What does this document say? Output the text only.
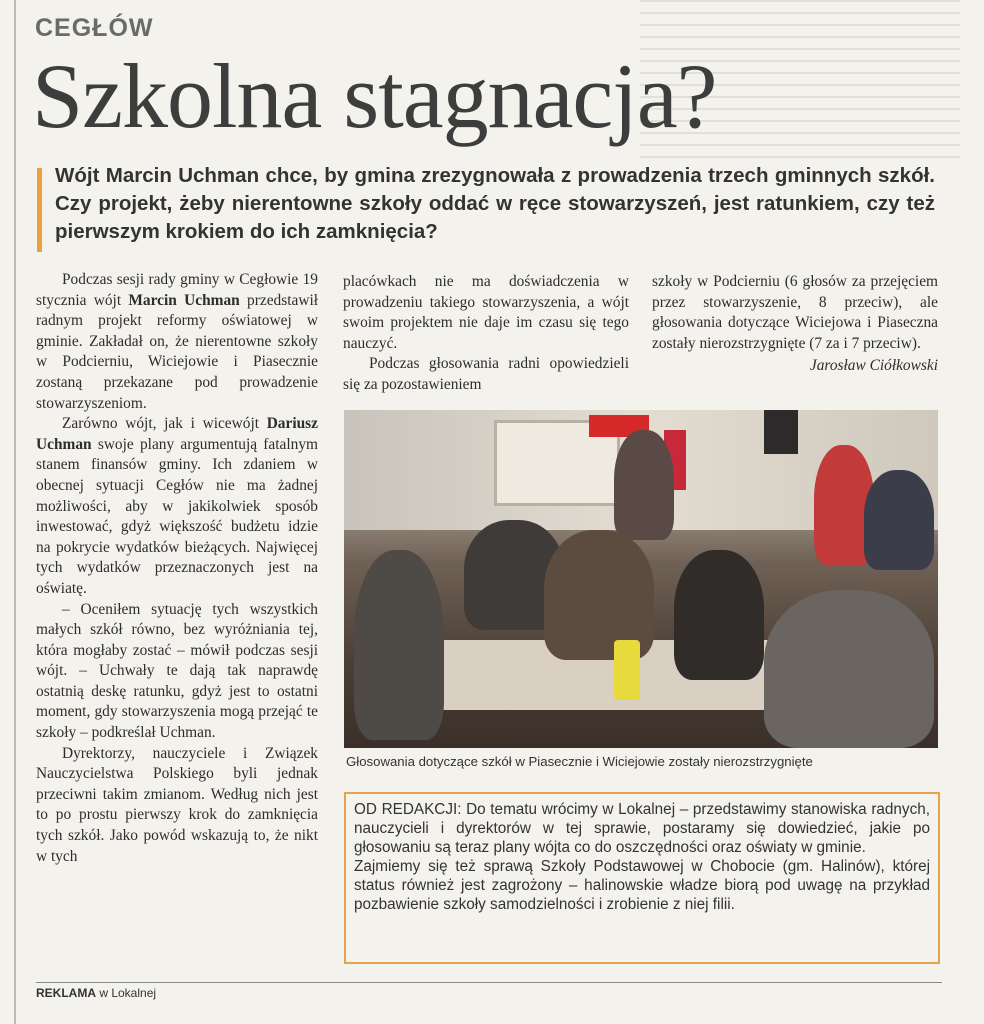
CEGŁÓW
Szkolna stagnacja?
Wójt Marcin Uchman chce, by gmina zrezygnowała z prowadzenia trzech gminnych szkół. Czy projekt, żeby nierentowne szkoły oddać w ręce stowarzyszeń, jest ratunkiem, czy też pierwszym krokiem do ich zamknięcia?

Podczas sesji rady gminy w Cegłowie 19 stycznia wójt Marcin Uchman przedstawił radnym projekt reformy oświatowej w gminie. Zakładał on, że nierentowne szkoły w Podcierniu, Wiciejowie i Piasecznie zostaną przekazane pod prowadzenie stowarzyszeniom.

Zarówno wójt, jak i wicewójt Dariusz Uchman swoje plany argumentują fatalnym stanem finansów gminy. Ich zdaniem w obecnej sytuacji Cegłów nie ma żadnej możliwości, aby w jakikolwiek sposób inwestować, gdyż większość budżetu idzie na pokrycie wydatków bieżących. Najwięcej tych wydatków przeznaczonych jest na oświatę.

– Oceniłem sytuację tych wszystkich małych szkół równo, bez wyróżniania tej, która mogłaby zostać – mówił podczas sesji wójt. – Uchwały te dają tak naprawdę ostatnią deskę ratunku, gdyż jest to ostatni moment, gdy stowarzyszenia mogą przejąć te szkoły – podkreślał Uchman.

Dyrektorzy, nauczyciele i Związek Nauczycielstwa Polskiego byli jednak przeciwni takim zmianom. Według nich jest to po prostu pierwszy krok do zamknięcia tych szkół. Jako powód wskazują to, że nikt w tych

placówkach nie ma doświadczenia w prowadzeniu takiego stowarzyszenia, a wójt swoim projektem nie daje im czasu się tego nauczyć.

Podczas głosowania radni opowiedzieli się za pozostawieniem

szkoły w Podcierniu (6 głosów za przejęciem przez stowarzyszenie, 8 przeciw), ale głosowania dotyczące Wiciejowa i Piaseczna zostały nierozstrzygnięte (7 za i 7 przeciw).

Jarosław Ciółkowski
Głosowania dotyczące szkół w Piasecznie i Wiciejowie zostały nierozstrzygnięte

OD REDAKCJI: Do tematu wrócimy w Lokalnej – przedstawimy stanowiska radnych, nauczycieli i dyrektorów w tej sprawie, postaramy się dowiedzieć, jakie po głosowaniu są teraz plany wójta co do oszczędności oraz oświaty w gminie.

Zajmiemy się też sprawą Szkoły Podstawowej w Chobocie (gm. Halinów), której status również jest zagrożony – halinowskie władze biorą pod uwagę na przykład pozbawienie szkoły samodzielności i zrobienie z niej filii.

REKLAMA w Lokalnej
